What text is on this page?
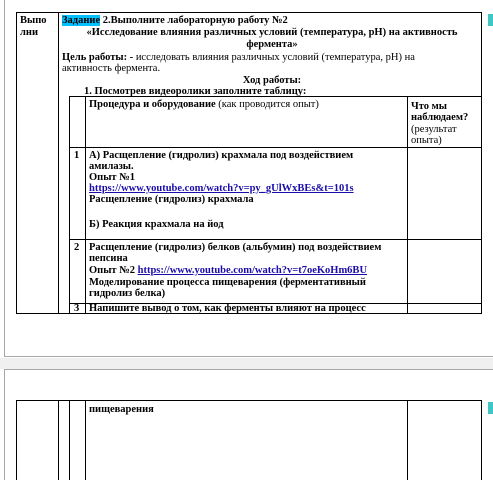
Выпо
лни
Задание 2.Выполните лабораторную работу №2
«Исследование влияния различных условий (температура, рН) на активность
фермента»
Цель работы: - исследовать влияния различных условий (температура, рН) на
активность фермента.
Ход работы:
1. Посмотрев видеоролики заполните таблицу:
Процедура и оборудование (как проводится опыт)	Что мы
наблюдаем?
(результат
опыта)
1 А) Расщепление (гидролиз) крахмала под воздействием
амилазы.
Опыт №1
https://www.youtube.com/watch?v=py_gUlWxBEs&t=101s
Расщепление (гидролиз) крахмала
Б) Реакция крахмала на йод
2 Расщепление (гидролиз) белков (альбумин) под воздействием
пепсина
Опыт №2 https://www.youtube.com/watch?v=t7oeKoHm6BU
Моделирование процесса пищеварения (ферментативный
гидролиз белка)
3 Напишите вывод о том, как ферменты влияют на процесс
пищеварения
